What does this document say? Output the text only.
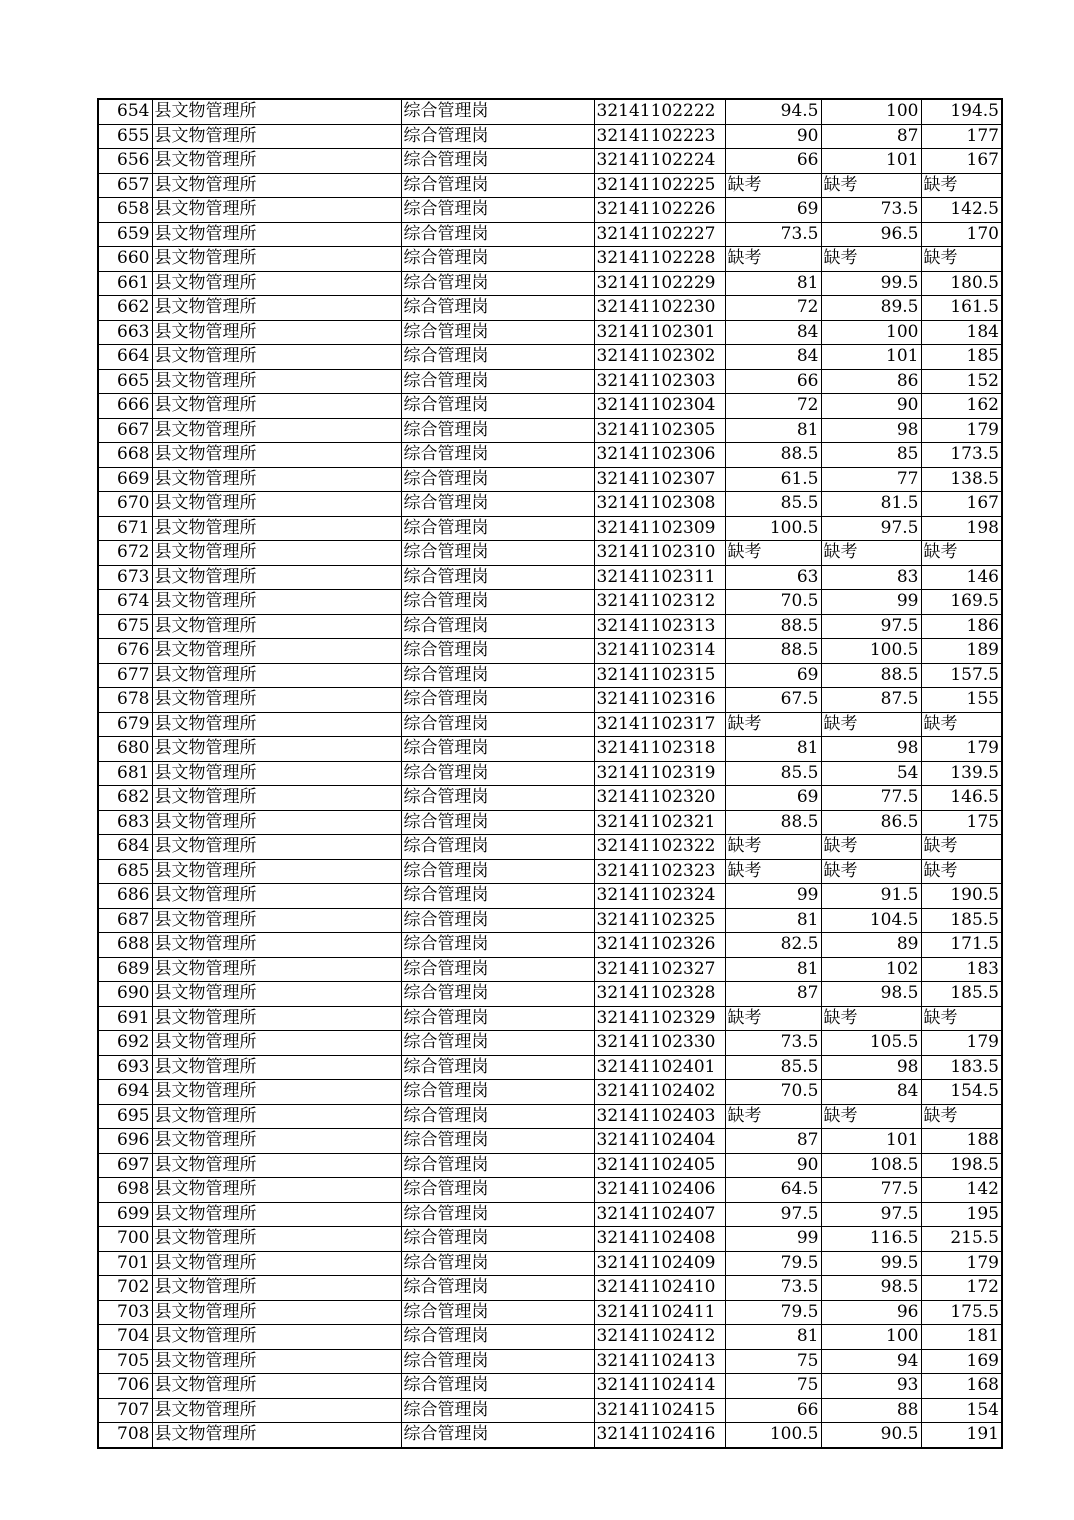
654	县文物管理所	综合管理岗	32141102222	94.5	100	194.5
655	县文物管理所	综合管理岗	32141102223	90	87	177
656	县文物管理所	综合管理岗	32141102224	66	101	167
657	县文物管理所	综合管理岗	32141102225	缺考	缺考	缺考
658	县文物管理所	综合管理岗	32141102226	69	73.5	142.5
659	县文物管理所	综合管理岗	32141102227	73.5	96.5	170
660	县文物管理所	综合管理岗	32141102228	缺考	缺考	缺考
661	县文物管理所	综合管理岗	32141102229	81	99.5	180.5
662	县文物管理所	综合管理岗	32141102230	72	89.5	161.5
663	县文物管理所	综合管理岗	32141102301	84	100	184
664	县文物管理所	综合管理岗	32141102302	84	101	185
665	县文物管理所	综合管理岗	32141102303	66	86	152
666	县文物管理所	综合管理岗	32141102304	72	90	162
667	县文物管理所	综合管理岗	32141102305	81	98	179
668	县文物管理所	综合管理岗	32141102306	88.5	85	173.5
669	县文物管理所	综合管理岗	32141102307	61.5	77	138.5
670	县文物管理所	综合管理岗	32141102308	85.5	81.5	167
671	县文物管理所	综合管理岗	32141102309	100.5	97.5	198
672	县文物管理所	综合管理岗	32141102310	缺考	缺考	缺考
673	县文物管理所	综合管理岗	32141102311	63	83	146
674	县文物管理所	综合管理岗	32141102312	70.5	99	169.5
675	县文物管理所	综合管理岗	32141102313	88.5	97.5	186
676	县文物管理所	综合管理岗	32141102314	88.5	100.5	189
677	县文物管理所	综合管理岗	32141102315	69	88.5	157.5
678	县文物管理所	综合管理岗	32141102316	67.5	87.5	155
679	县文物管理所	综合管理岗	32141102317	缺考	缺考	缺考
680	县文物管理所	综合管理岗	32141102318	81	98	179
681	县文物管理所	综合管理岗	32141102319	85.5	54	139.5
682	县文物管理所	综合管理岗	32141102320	69	77.5	146.5
683	县文物管理所	综合管理岗	32141102321	88.5	86.5	175
684	县文物管理所	综合管理岗	32141102322	缺考	缺考	缺考
685	县文物管理所	综合管理岗	32141102323	缺考	缺考	缺考
686	县文物管理所	综合管理岗	32141102324	99	91.5	190.5
687	县文物管理所	综合管理岗	32141102325	81	104.5	185.5
688	县文物管理所	综合管理岗	32141102326	82.5	89	171.5
689	县文物管理所	综合管理岗	32141102327	81	102	183
690	县文物管理所	综合管理岗	32141102328	87	98.5	185.5
691	县文物管理所	综合管理岗	32141102329	缺考	缺考	缺考
692	县文物管理所	综合管理岗	32141102330	73.5	105.5	179
693	县文物管理所	综合管理岗	32141102401	85.5	98	183.5
694	县文物管理所	综合管理岗	32141102402	70.5	84	154.5
695	县文物管理所	综合管理岗	32141102403	缺考	缺考	缺考
696	县文物管理所	综合管理岗	32141102404	87	101	188
697	县文物管理所	综合管理岗	32141102405	90	108.5	198.5
698	县文物管理所	综合管理岗	32141102406	64.5	77.5	142
699	县文物管理所	综合管理岗	32141102407	97.5	97.5	195
700	县文物管理所	综合管理岗	32141102408	99	116.5	215.5
701	县文物管理所	综合管理岗	32141102409	79.5	99.5	179
702	县文物管理所	综合管理岗	32141102410	73.5	98.5	172
703	县文物管理所	综合管理岗	32141102411	79.5	96	175.5
704	县文物管理所	综合管理岗	32141102412	81	100	181
705	县文物管理所	综合管理岗	32141102413	75	94	169
706	县文物管理所	综合管理岗	32141102414	75	93	168
707	县文物管理所	综合管理岗	32141102415	66	88	154
708	县文物管理所	综合管理岗	32141102416	100.5	90.5	191
